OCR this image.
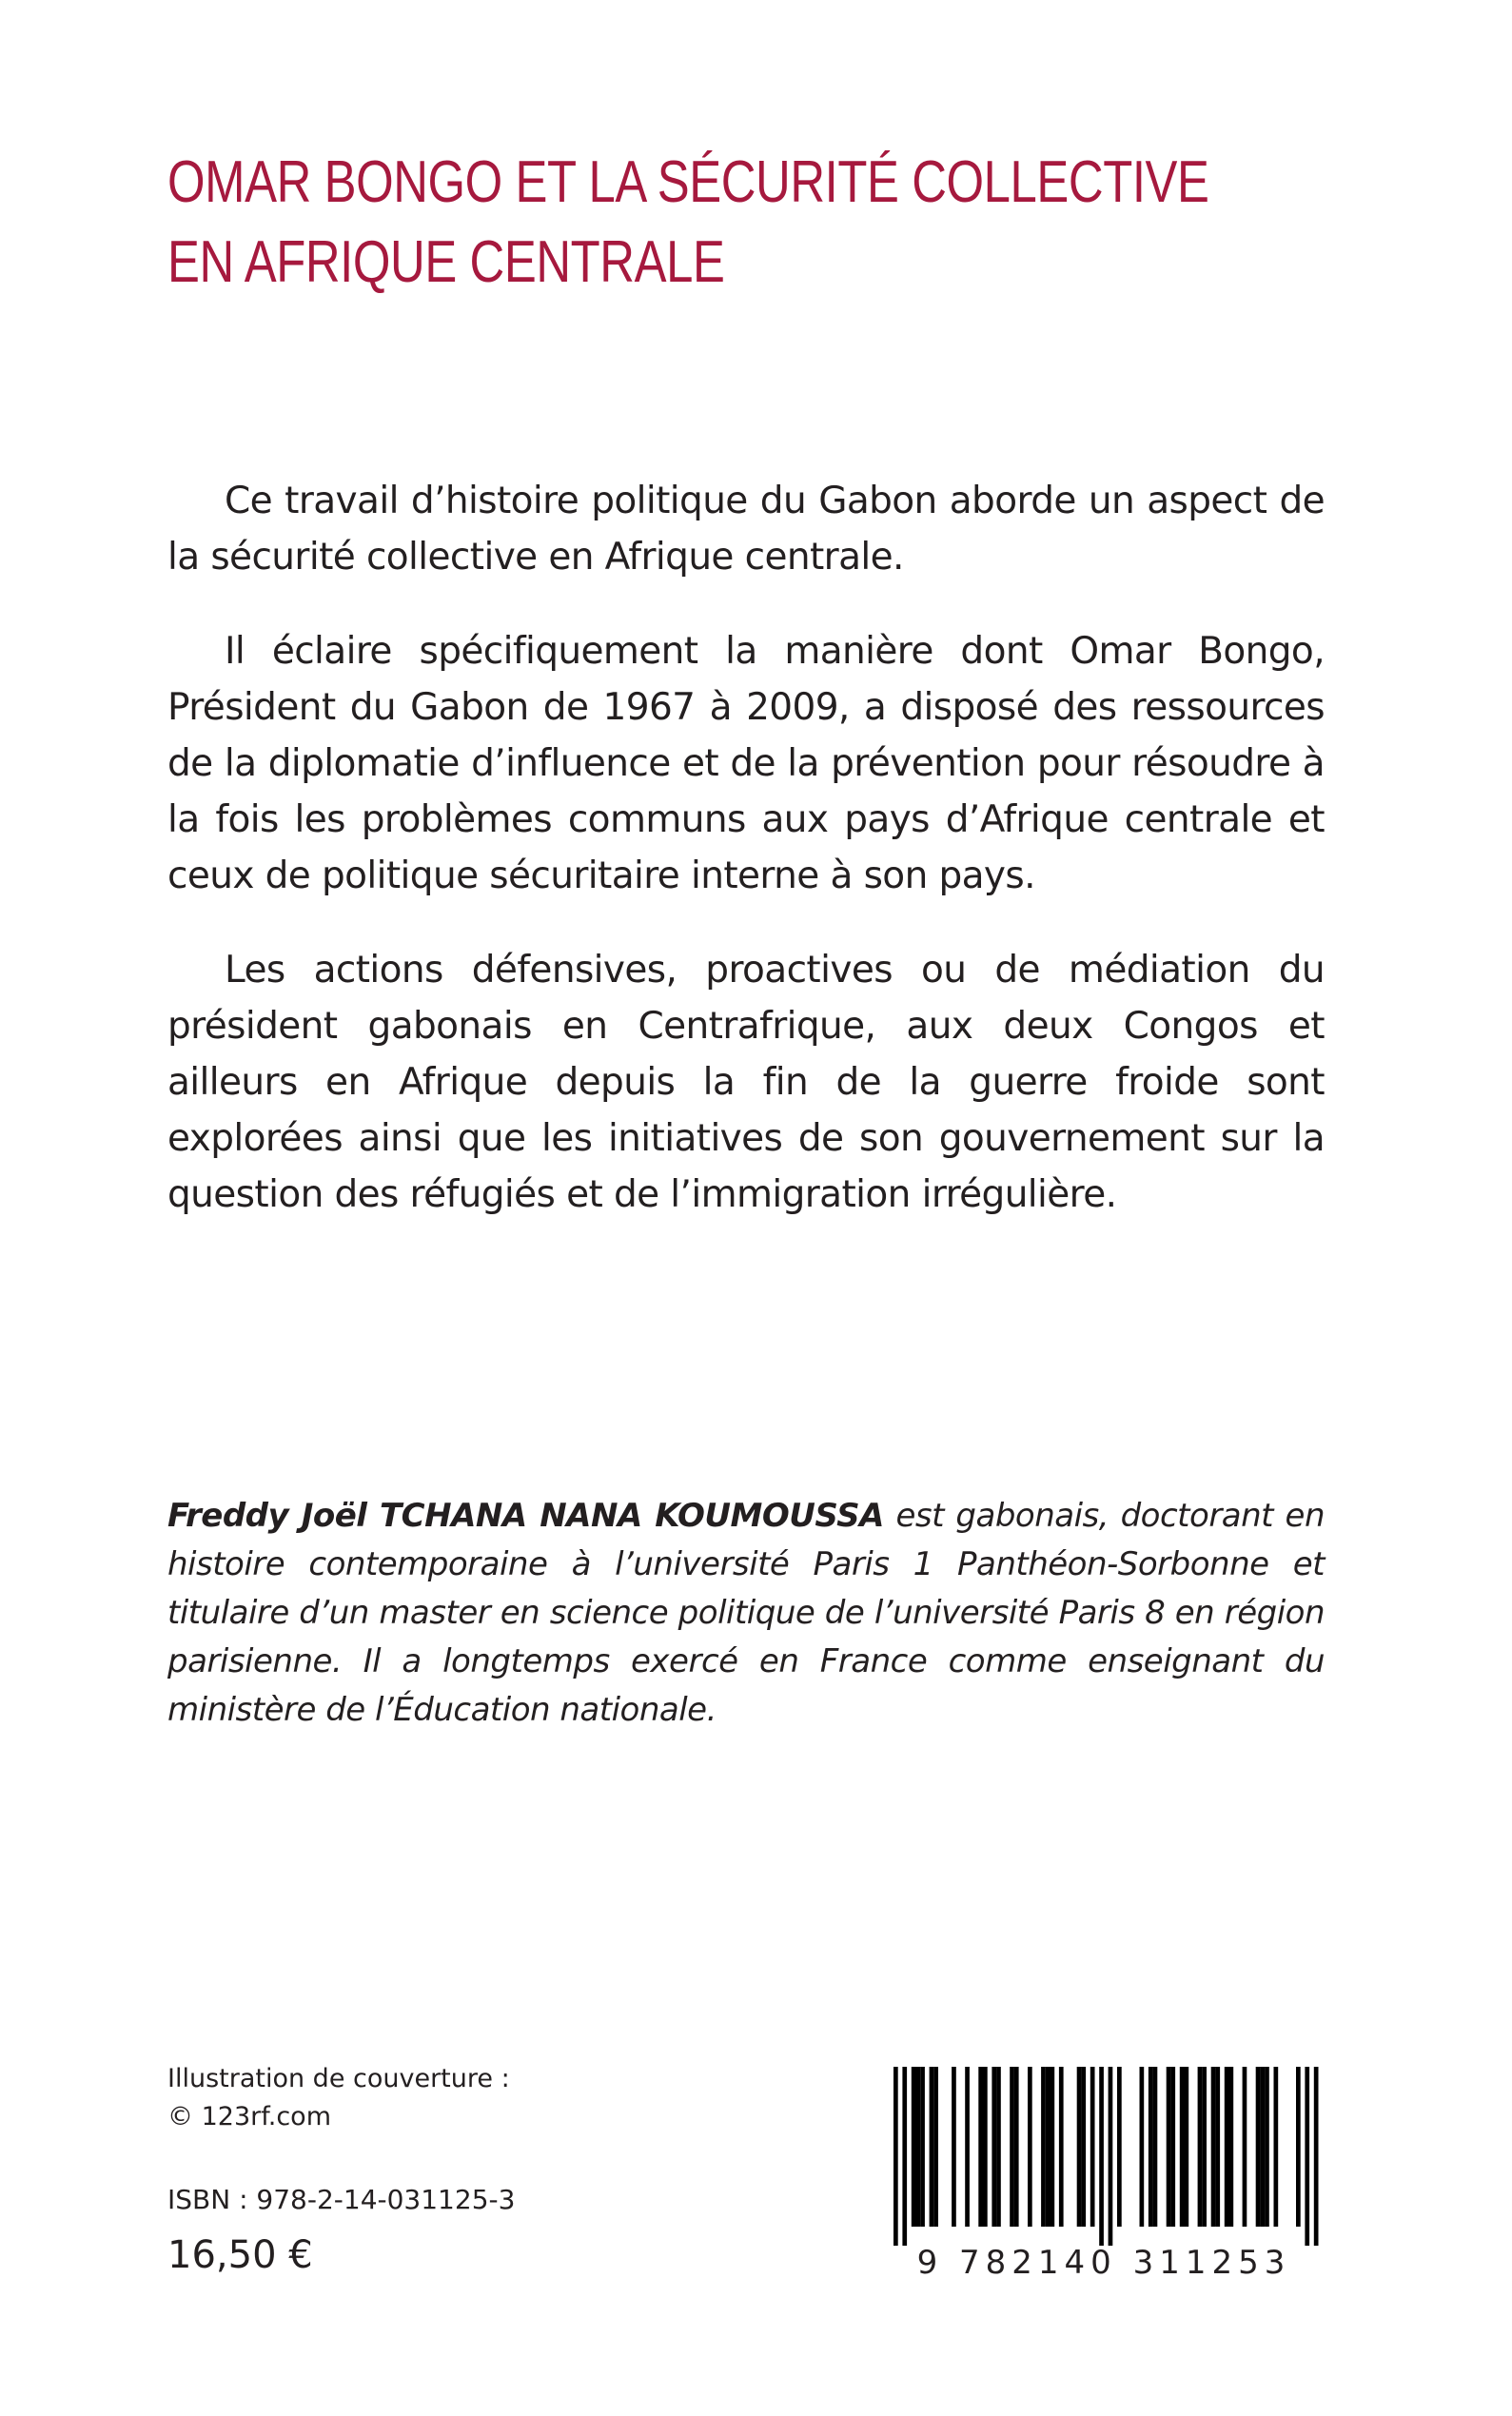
OMAR BONGO ET LA SÉCURITÉ COLLECTIVE
EN AFRIQUE CENTRALE

Ce travail d’histoire politique du Gabon aborde un aspect de la sécurité collective en Afrique centrale.

Il éclaire spécifiquement la manière dont Omar Bongo, Président du Gabon de 1967 à 2009, a disposé des ressources de la diplomatie d’influence et de la prévention pour résoudre à la fois les problèmes communs aux pays d’Afrique centrale et ceux de politique sécuritaire interne à son pays.

Les actions défensives, proactives ou de médiation du président gabonais en Centrafrique, aux deux Congos et ailleurs en Afrique depuis la fin de la guerre froide sont explorées ainsi que les initiatives de son gouvernement sur la question des réfugiés et de l’immigration irrégulière.

Freddy Joël TCHANA NANA KOUMOUSSA est gabonais, doctorant en histoire contemporaine à l’université Paris 1 Panthéon-Sorbonne et titulaire d’un master en science politique de l’université Paris 8 en région parisienne. Il a longtemps exercé en France comme enseignant du ministère de l’Éducation nationale.
Illustration de couverture :
© 123rf.com
ISBN : 978-2-14-031125-3
16,50 €	9 782140 311253
